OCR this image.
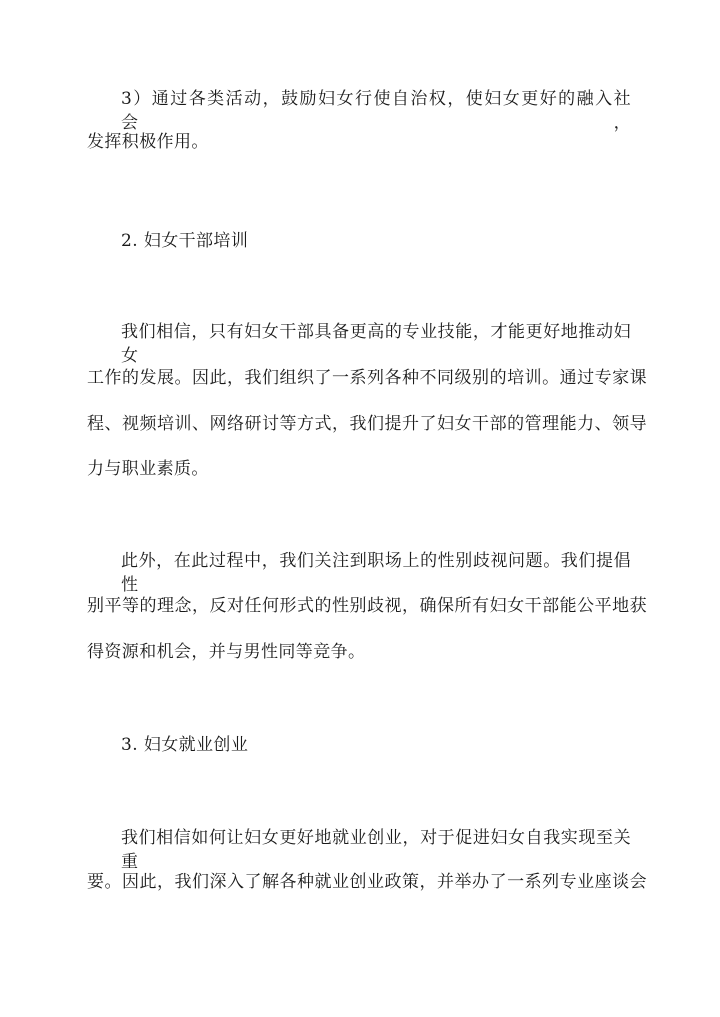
3）通过各类活动，鼓励妇女行使自治权，使妇女更好的融入社会，
发挥积极作用。
2. 妇女干部培训
我们相信，只有妇女干部具备更高的专业技能，才能更好地推动妇女
工作的发展。因此，我们组织了一系列各种不同级别的培训。通过专家课
程、视频培训、网络研讨等方式，我们提升了妇女干部的管理能力、领导
力与职业素质。
此外，在此过程中，我们关注到职场上的性别歧视问题。我们提倡性
别平等的理念，反对任何形式的性别歧视，确保所有妇女干部能公平地获
得资源和机会，并与男性同等竞争。
3. 妇女就业创业
我们相信如何让妇女更好地就业创业，对于促进妇女自我实现至关重
要。因此，我们深入了解各种就业创业政策，并举办了一系列专业座谈会
